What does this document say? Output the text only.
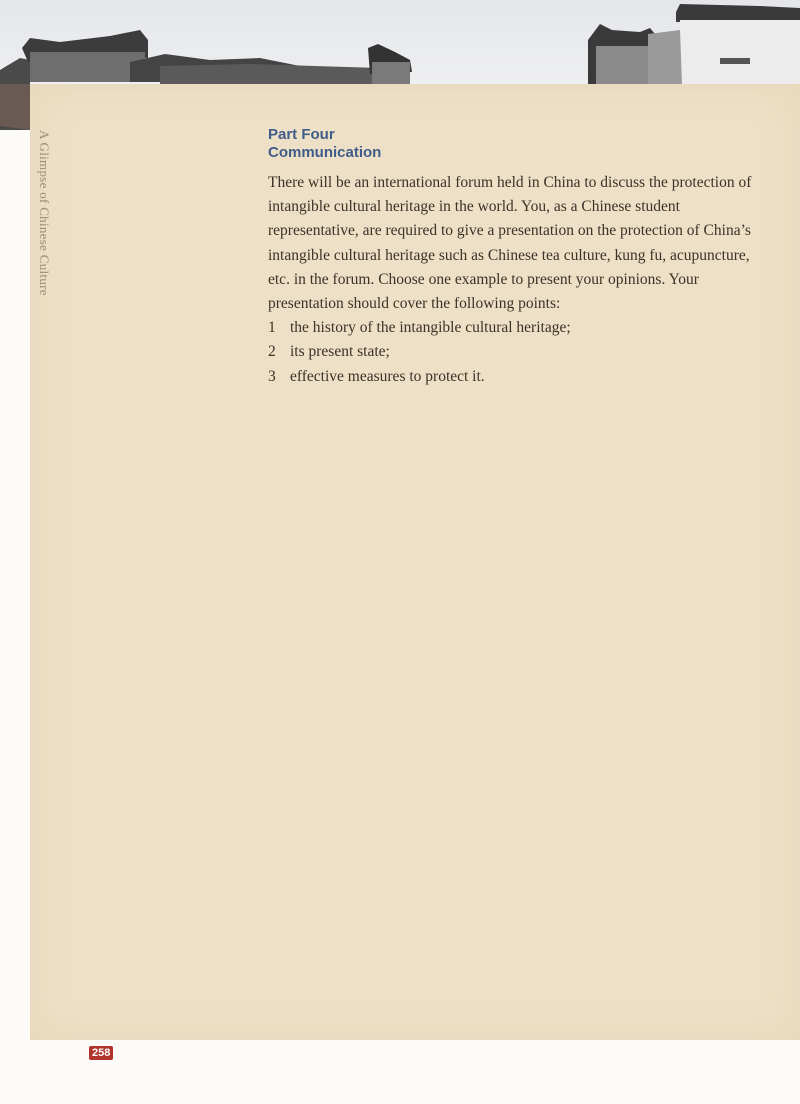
A Glimpse of Chinese Culture	Part Four
Communication

There will be an international forum held in China to discuss the protection of intangible cultural heritage in the world. You, as a Chinese student representative, are required to give a presentation on the protection of China’s intangible cultural heritage such as Chinese tea culture, kung fu, acupuncture, etc. in the forum. Choose one example to present your opinions. Your presentation should cover the following points:

1 the history of the intangible cultural heritage;
2 its present state;
3 effective measures to protect it.
258
